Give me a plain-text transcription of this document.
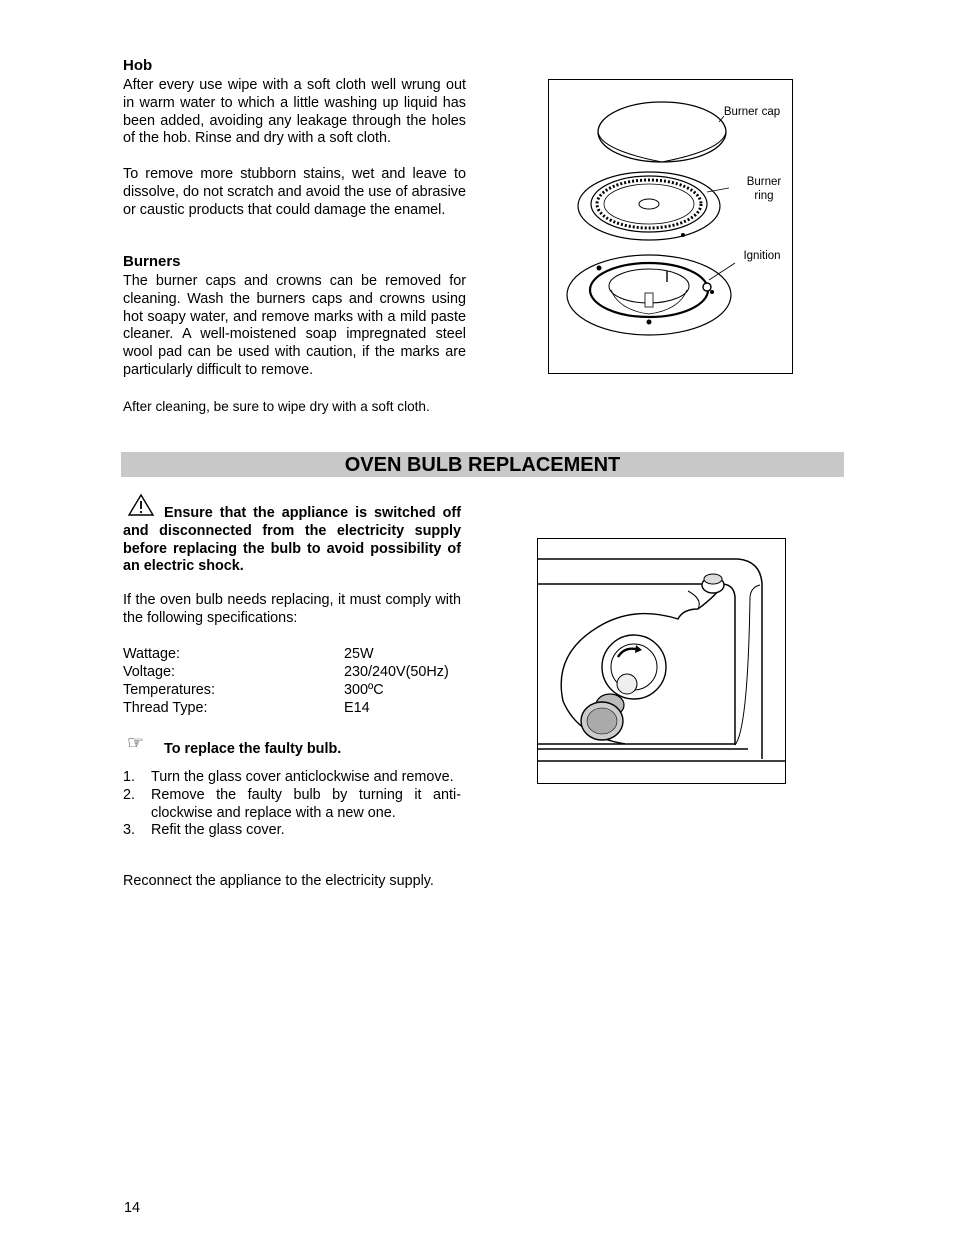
Hob
After every use wipe with a soft cloth well wrung out in warm water to which a little washing up liquid has been added, avoiding any leakage through the holes of the hob. Rinse and dry with a soft cloth.
To remove more stubborn stains, wet and leave to dissolve, do not scratch and avoid the use of abrasive or caustic products that could damage the enamel.
Burners
The burner caps and crowns can be removed for cleaning. Wash the burners caps and crowns using hot soapy water, and remove marks with a mild paste cleaner. A well-moistened soap impregnated steel wool pad can be used with caution, if the marks are particularly difficult to remove.
After cleaning, be sure to wipe dry with a soft cloth.
Burner cap
Burner
ring
Ignition
OVEN BULB REPLACEMENT
Ensure that the appliance is switched off and disconnected from the electricity supply before replacing the bulb to avoid possibility of an electric shock.
If the oven bulb needs replacing, it must comply with the following specifications:
Wattage:	25W
Voltage:	230/240V(50Hz)
Temperatures:	300ºC
Thread Type:	E14
☞ To replace the faulty bulb.
1. Turn the glass cover anticlockwise and remove.
2. Remove the faulty bulb by turning it anti-clockwise and replace with a new one.
3. Refit the glass cover.
Reconnect the appliance to the electricity supply.
14
